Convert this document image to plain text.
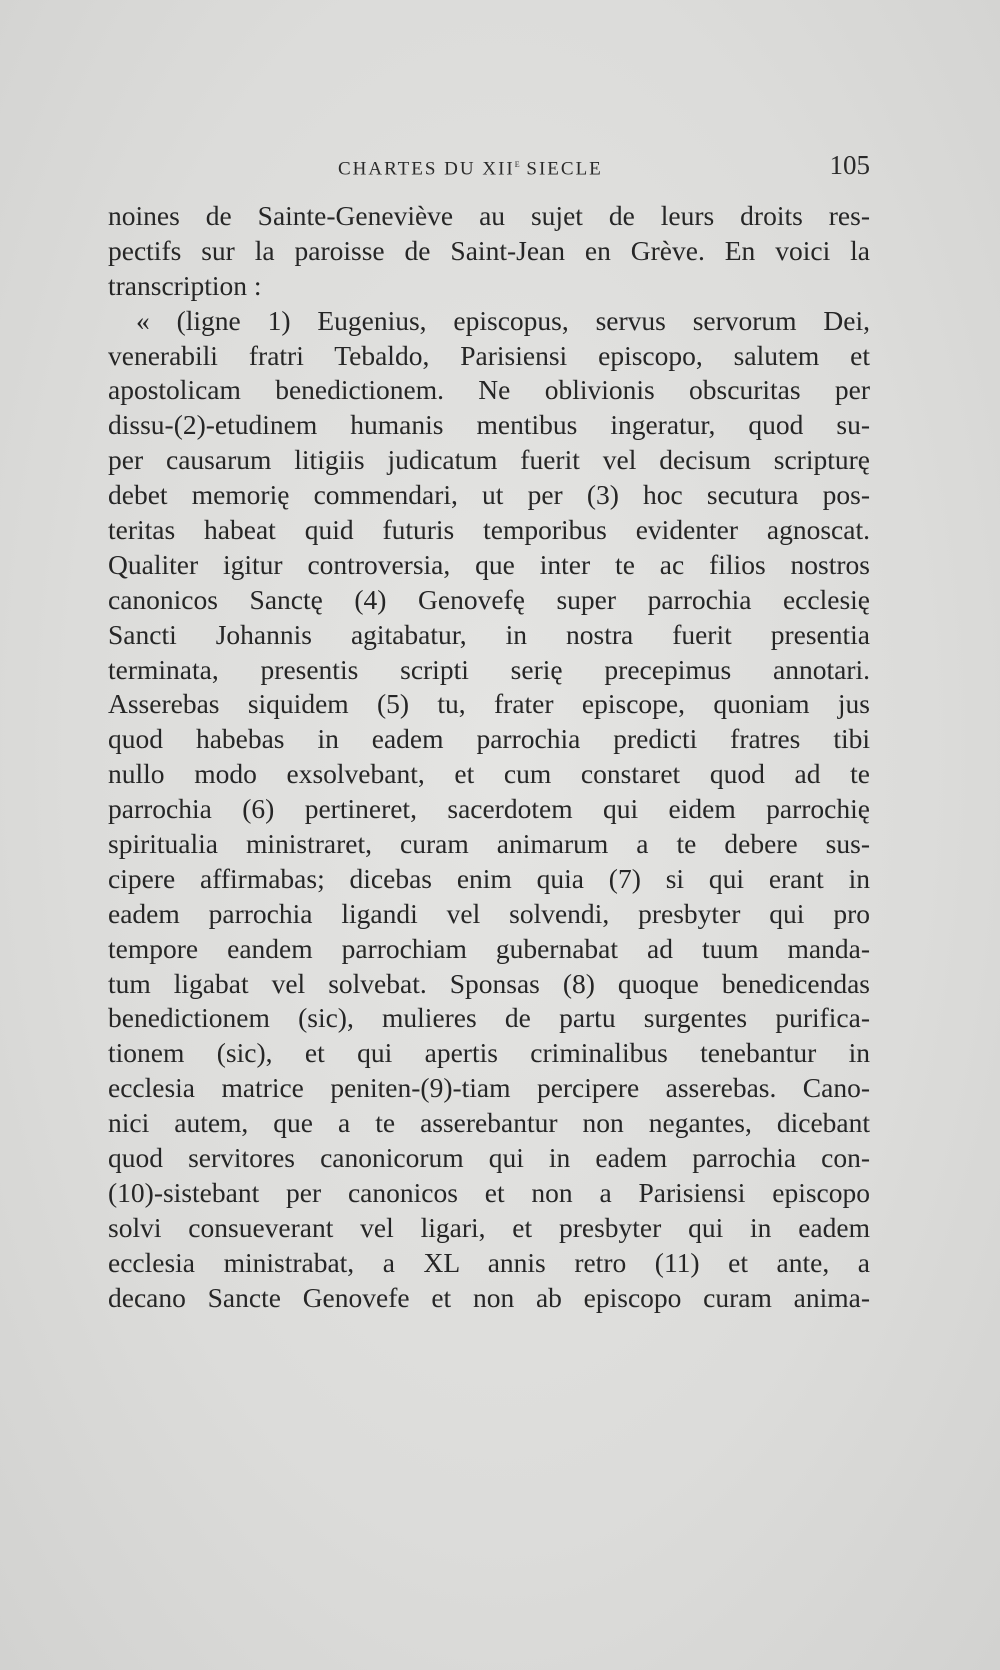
CHARTES DU XIIe SIECLE	105
noines de Sainte-Geneviève au sujet de leurs droits res-
pectifs sur la paroisse de Saint-Jean en Grève. En voici la
transcription :
« (ligne 1) Eugenius, episcopus, servus servorum Dei,
venerabili fratri Tebaldo, Parisiensi episcopo, salutem et
apostolicam benedictionem. Ne oblivionis obscuritas per
dissu-(2)-etudinem humanis mentibus ingeratur, quod su-
per causarum litigiis judicatum fuerit vel decisum scripturę
debet memorię commendari, ut per (3) hoc secutura pos-
teritas habeat quid futuris temporibus evidenter agnoscat.
Qualiter igitur controversia, que inter te ac filios nostros
canonicos Sanctę (4) Genovefę super parrochia ecclesię
Sancti Johannis agitabatur, in nostra fuerit presentia
terminata, presentis scripti serię precepimus annotari.
Asserebas siquidem (5) tu, frater episcope, quoniam jus
quod habebas in eadem parrochia predicti fratres tibi
nullo modo exsolvebant, et cum constaret quod ad te
parrochia (6) pertineret, sacerdotem qui eidem parrochię
spiritualia ministraret, curam animarum a te debere sus-
cipere affirmabas; dicebas enim quia (7) si qui erant in
eadem parrochia ligandi vel solvendi, presbyter qui pro
tempore eandem parrochiam gubernabat ad tuum manda-
tum ligabat vel solvebat. Sponsas (8) quoque benedicendas
benedictionem (sic), mulieres de partu surgentes purifica-
tionem (sic), et qui apertis criminalibus tenebantur in
ecclesia matrice peniten-(9)-tiam percipere asserebas. Cano-
nici autem, que a te asserebantur non negantes, dicebant
quod servitores canonicorum qui in eadem parrochia con-
(10)-sistebant per canonicos et non a Parisiensi episcopo
solvi consueverant vel ligari, et presbyter qui in eadem
ecclesia ministrabat, a XL annis retro (11) et ante, a
decano Sancte Genovefe et non ab episcopo curam anima-
